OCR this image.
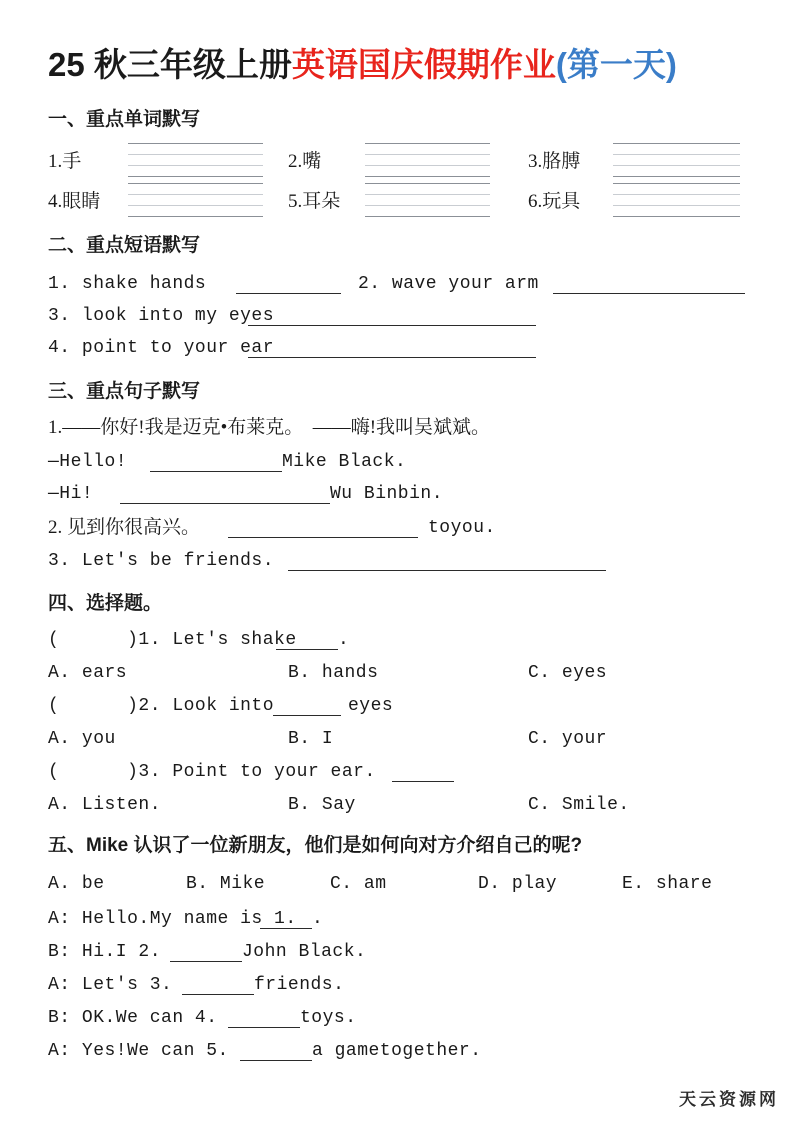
25 秋三年级上册英语国庆假期作业(第一天)
一、重点单词默写
1.手	2.嘴	3.胳膊
4.眼睛	5.耳朵	6.玩具
二、重点短语默写
1. shake hands	2. wave your arm
3. look into my eyes
4. point to your ear
三、重点句子默写
1.——你好!我是迈克•布莱克。　——嗨!我叫吴斌斌。
—Hello!	Mike Black.
—Hi!	Wu Binbin.
2. 见到你很高兴。	toyou.
3. Let's be friends.
四、选择题。
(      )1. Let's shake .
A. ears	B. hands	C. eyes
(      )2. Look into	eyes
A. you	B. I	C. your
(      )3. Point to your ear.
A. Listen.	B. Say	C. Smile.
五、Mike 认识了一位新朋友，他们是如何向对方介绍自己的呢?
A. be	B. Mike	C. am	D. play	E. share
A: Hello.My name is 1. .
B: Hi.I 2.	John Black.
A: Let's 3.	friends.
B: OK.We can 4.	toys.
A: Yes!We can 5.	a gametogether.
天云资源网
